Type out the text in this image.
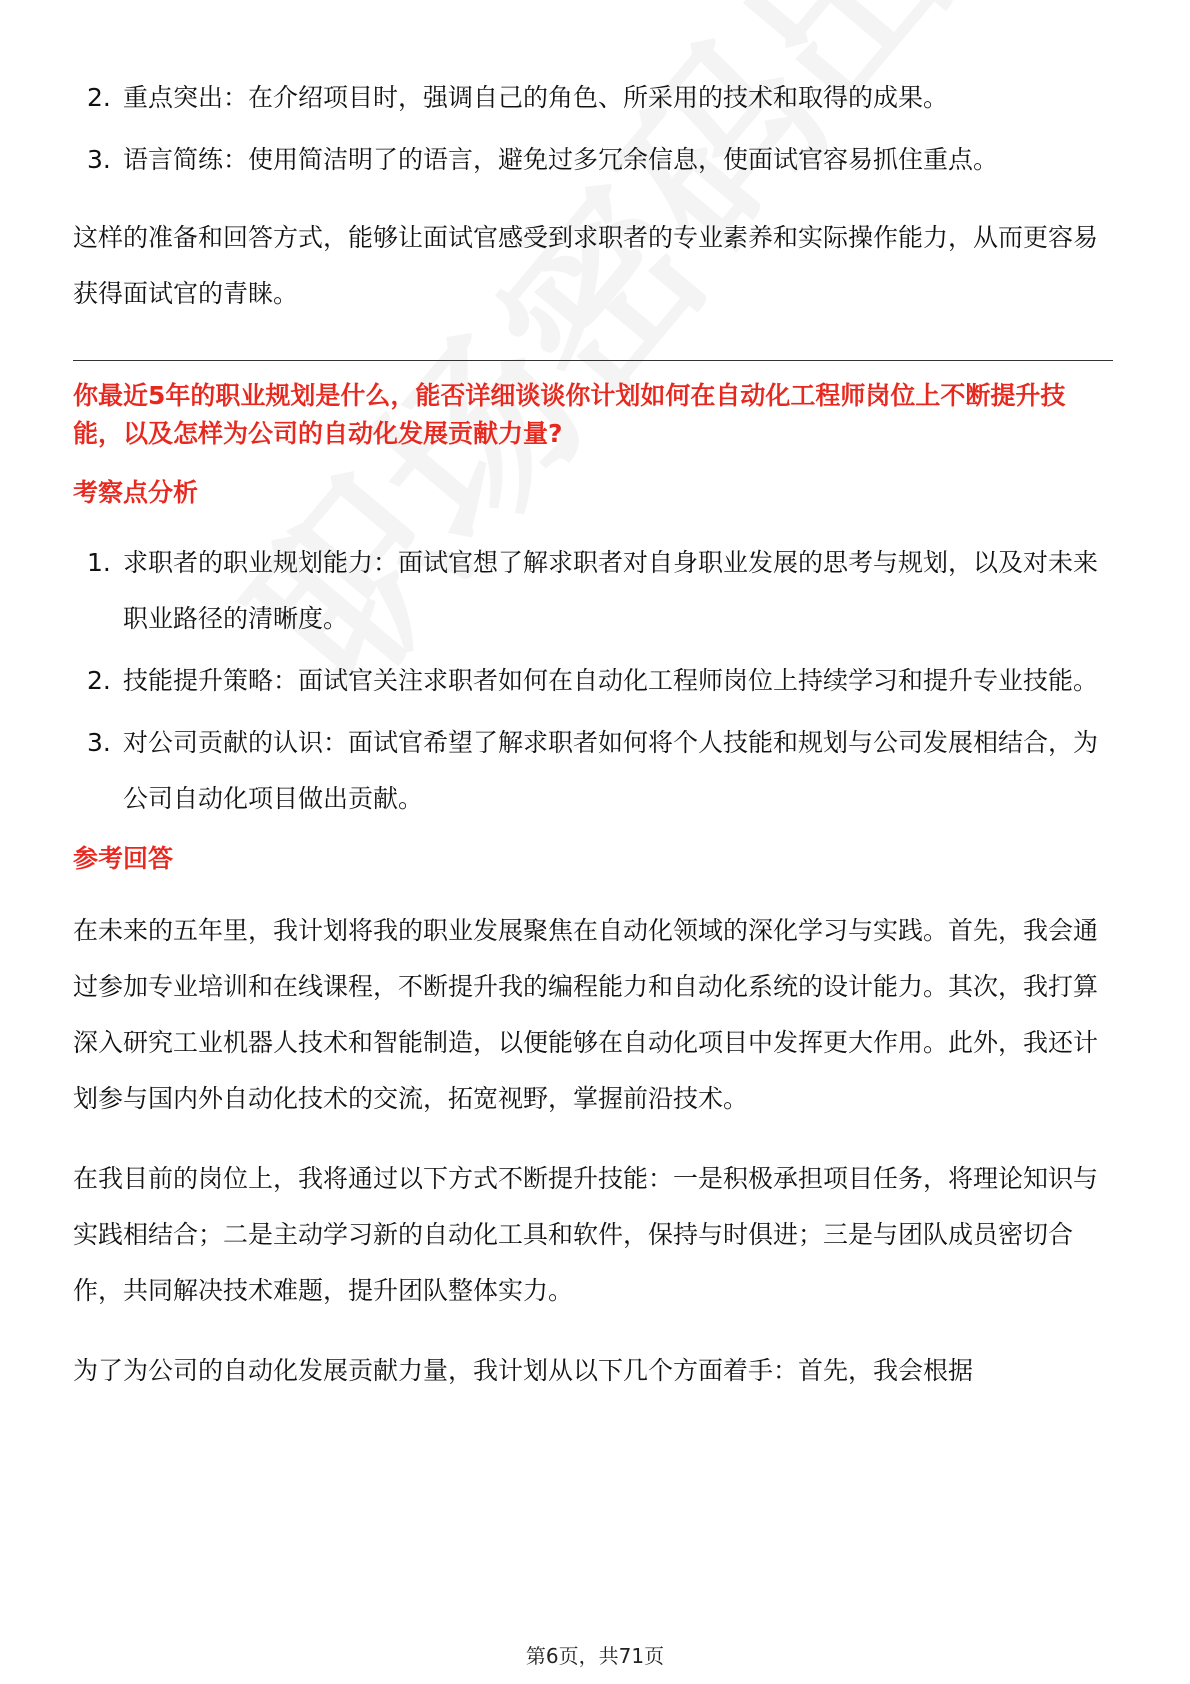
2. 重点突出：在介绍项目时，强调自己的角色、所采用的技术和取得的成果。
3. 语言简练：使用简洁明了的语言，避免过多冗余信息，使面试官容易抓住重点。

这样的准备和回答方式，能够让面试官感受到求职者的专业素养和实际操作能力，从而更容易获得面试官的青睐。

你最近5年的职业规划是什么，能否详细谈谈你计划如何在自动化工程师岗位上不断提升技能，以及怎样为公司的自动化发展贡献力量?

考察点分析

1. 求职者的职业规划能力：面试官想了解求职者对自身职业发展的思考与规划，以及对未来职业路径的清晰度。
2. 技能提升策略：面试官关注求职者如何在自动化工程师岗位上持续学习和提升专业技能。
3. 对公司贡献的认识：面试官希望了解求职者如何将个人技能和规划与公司发展相结合，为公司自动化项目做出贡献。

参考回答

在未来的五年里，我计划将我的职业发展聚焦在自动化领域的深化学习与实践。首先，我会通过参加专业培训和在线课程，不断提升我的编程能力和自动化系统的设计能力。其次，我打算深入研究工业机器人技术和智能制造，以便能够在自动化项目中发挥更大作用。此外，我还计划参与国内外自动化技术的交流，拓宽视野，掌握前沿技术。

在我目前的岗位上，我将通过以下方式不断提升技能：一是积极承担项目任务，将理论知识与实践相结合；二是主动学习新的自动化工具和软件，保持与时俱进；三是与团队成员密切合作，共同解决技术难题，提升团队整体实力。

为了为公司的自动化发展贡献力量，我计划从以下几个方面着手：首先，我会根据

第6页，共71页
